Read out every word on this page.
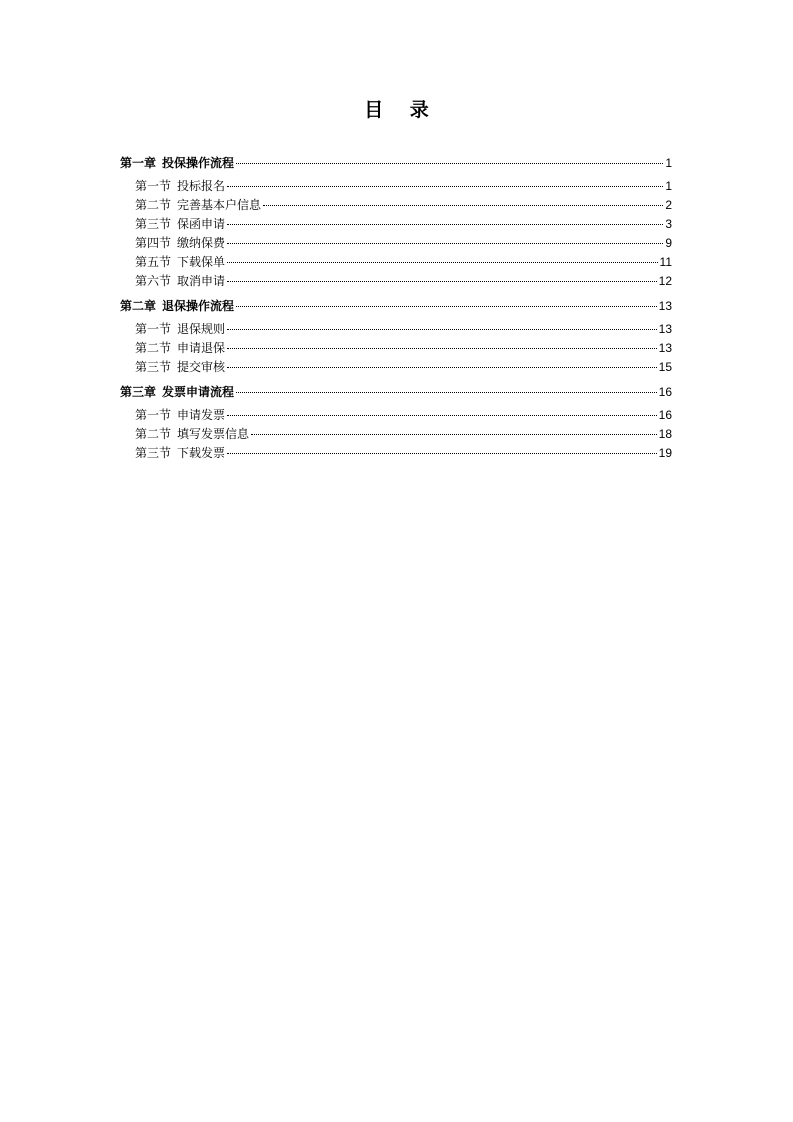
目 录
第一章 投保操作流程	1
第一节 投标报名	1
第二节 完善基本户信息	2
第三节 保函申请	3
第四节 缴纳保费	9
第五节 下载保单	11
第六节 取消申请	12
第二章 退保操作流程	13
第一节 退保规则	13
第二节 申请退保	13
第三节 提交审核	15
第三章 发票申请流程	16
第一节 申请发票	16
第二节 填写发票信息	18
第三节 下载发票	19
